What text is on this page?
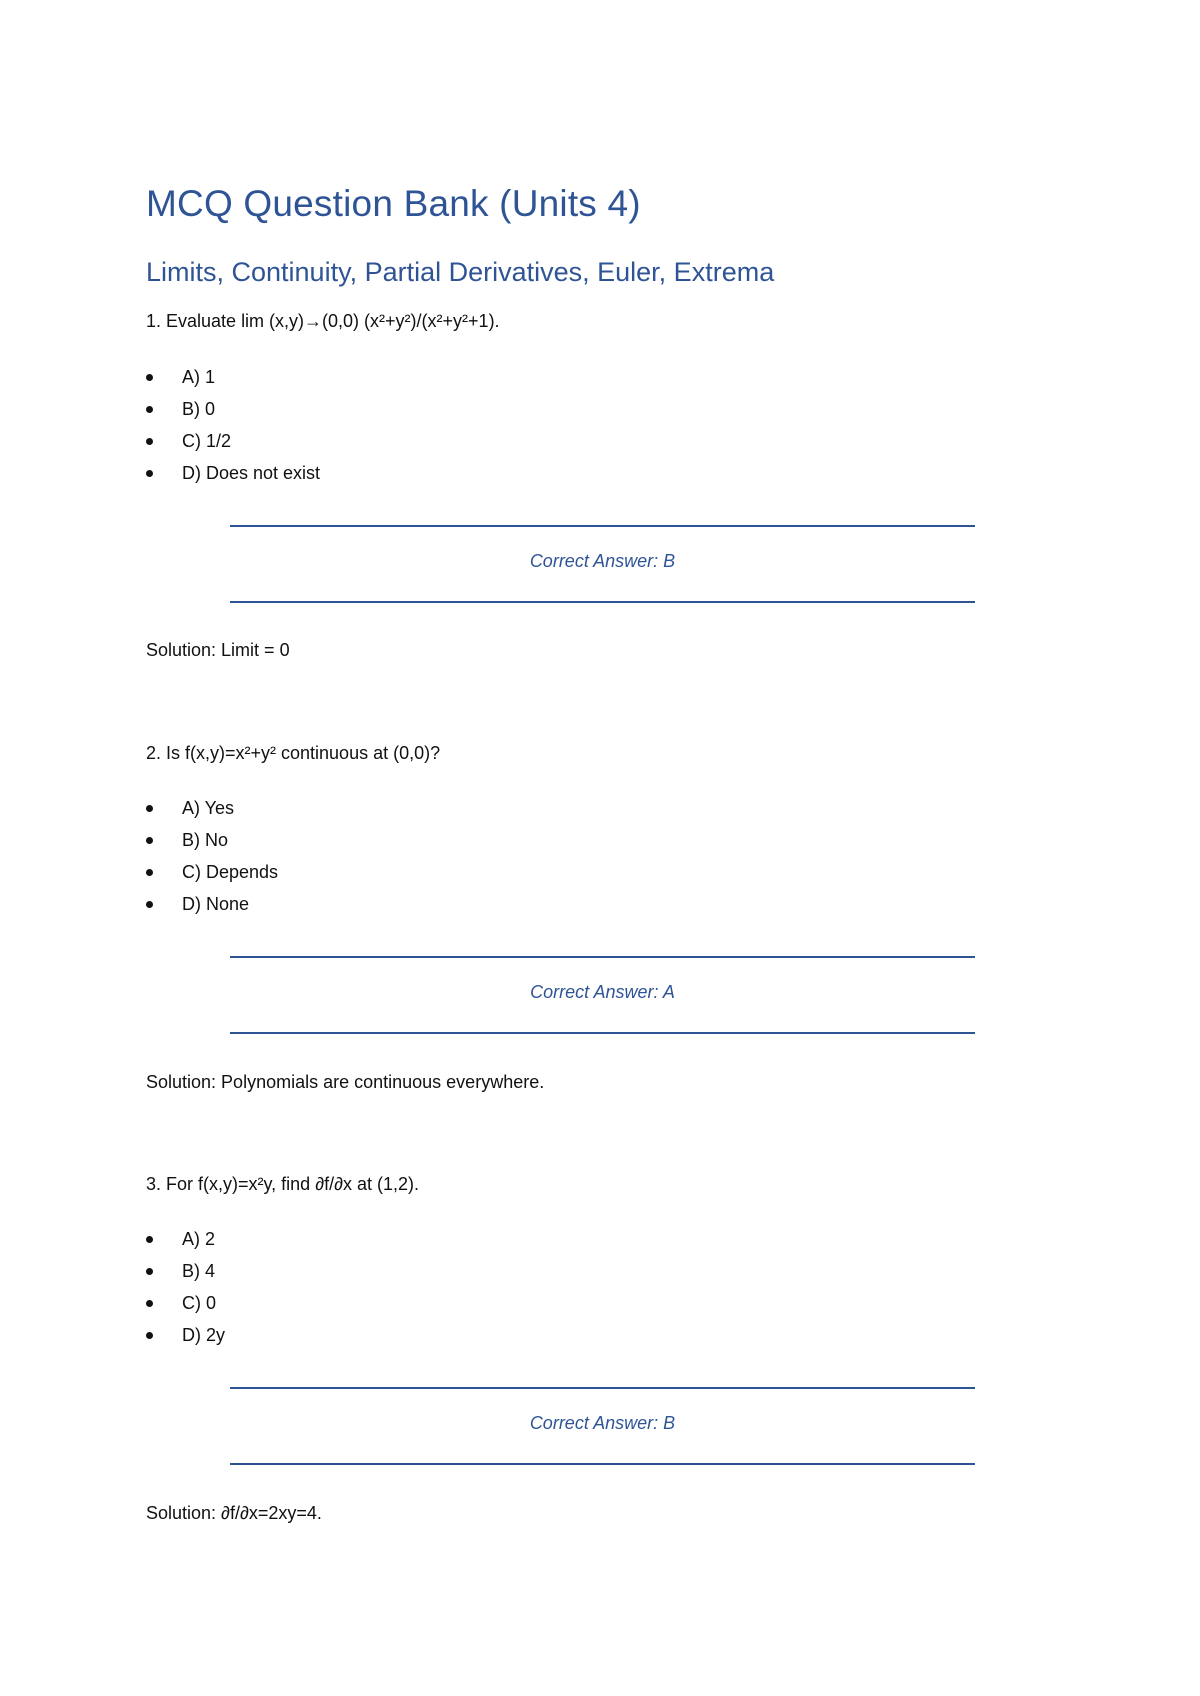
MCQ Question Bank (Units 4)
Limits, Continuity, Partial Derivatives, Euler, Extrema
1. Evaluate lim (x,y)→(0,0) (x²+y²)/(x²+y²+1).
A) 1
B) 0
C) 1/2
D) Does not exist
Correct Answer: B
Solution: Limit = 0
2. Is f(x,y)=x²+y² continuous at (0,0)?
A) Yes
B) No
C) Depends
D) None
Correct Answer: A
Solution: Polynomials are continuous everywhere.
3. For f(x,y)=x²y, find ∂f/∂x at (1,2).
A) 2
B) 4
C) 0
D) 2y
Correct Answer: B
Solution: ∂f/∂x=2xy=4.
